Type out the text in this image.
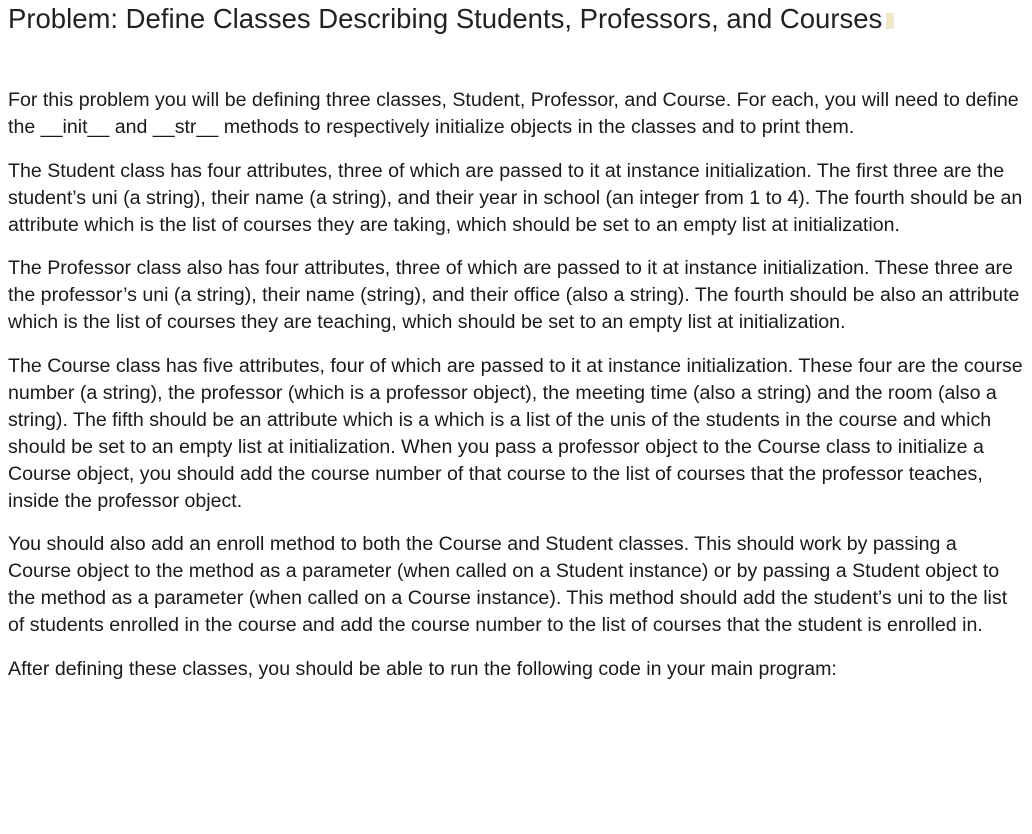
Problem: Define Classes Describing Students, Professors, and Courses

For this problem you will be defining three classes, Student, Professor, and Course. For each, you will need to define the __init__ and __str__ methods to respectively initialize objects in the classes and to print them.

The Student class has four attributes, three of which are passed to it at instance initialization. The first three are the student’s uni (a string), their name (a string), and their year in school (an integer from 1 to 4). The fourth should be an attribute which is the list of courses they are taking, which should be set to an empty list at initialization.

The Professor class also has four attributes, three of which are passed to it at instance initialization. These three are the professor’s uni (a string), their name (string), and their office (also a string). The fourth should be also an attribute which is the list of courses they are teaching, which should be set to an empty list at initialization.

The Course class has five attributes, four of which are passed to it at instance initialization. These four are the course number (a string), the professor (which is a professor object), the meeting time (also a string) and the room (also a string). The fifth should be an attribute which is a which is a list of the unis of the students in the course and which should be set to an empty list at initialization. When you pass a professor object to the Course class to initialize a Course object, you should add the course number of that course to the list of courses that the professor teaches, inside the professor object.

You should also add an enroll method to both the Course and Student classes. This should work by passing a Course object to the method as a parameter (when called on a Student instance) or by passing a Student object to the method as a parameter (when called on a Course instance). This method should add the student’s uni to the list of students enrolled in the course and add the course number to the list of courses that the student is enrolled in.

After defining these classes, you should be able to run the following code in your main program:
